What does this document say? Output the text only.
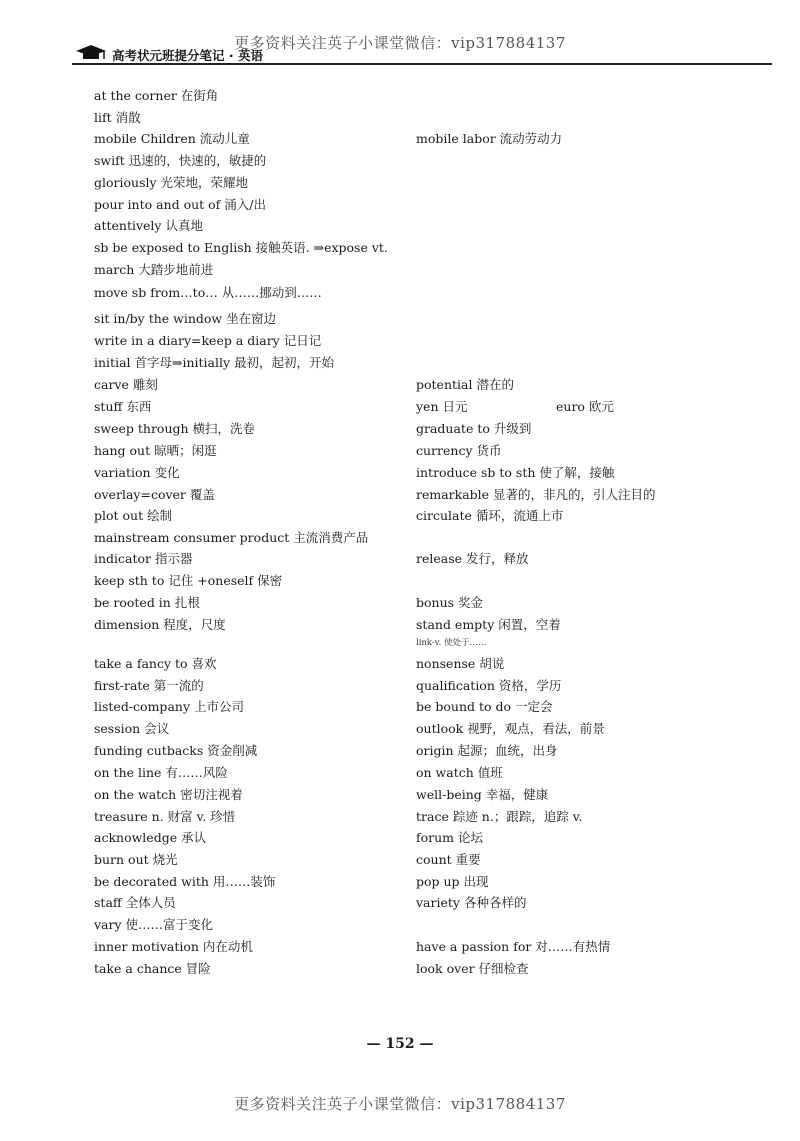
更多资料关注英子小课堂微信：vip317884137
高考状元班提分笔记 · 英语
at the corner 在街角
lift 消散
mobile Children 流动儿童
swift 迅速的，快速的，敏捷的
gloriously 光荣地，荣耀地
pour into and out of 涌入/出
attentively 认真地
sb be exposed to English 接触英语. ⇒expose vt.
march 大踏步地前进
move sb from…to… 从……挪动到……
sit in/by the window 坐在窗边
write in a diary=keep a diary 记日记
initial 首字母⇒initially 最初，起初，开始
carve 雕刻
stuff 东西
sweep through 横扫，洗卷
hang out 晾晒；闲逛
variation 变化
overlay=cover 覆盖
plot out 绘制
mainstream consumer product 主流消费产品
indicator 指示器
keep sth to 记住 +oneself 保密
be rooted in 扎根
dimension 程度，尺度
take a fancy to 喜欢
first-rate 第一流的
listed-company 上市公司
session 会议
funding cutbacks 资金削减
on the line 有……风险
on the watch 密切注视着
treasure n. 财富 v. 珍惜
acknowledge 承认
burn out 烧光
be decorated with 用……装饰
staff 全体人员
vary 使……富于变化
inner motivation 内在动机
take a chance 冒险
mobile labor 流动劳动力
potential 潜在的
yen 日元	euro 欧元
graduate to 升级到
currency 货币
introduce sb to sth 使了解，接触
remarkable 显著的，非凡的，引人注目的
circulate 循环，流通上市
release 发行，释放
bonus 奖金
stand empty 闲置，空着
link-v. 使处于……
nonsense 胡说
qualification 资格，学历
be bound to do 一定会
outlook 视野，观点，看法，前景
origin 起源；血统，出身
on watch 值班
well-being 幸福，健康
trace 踪迹 n.；跟踪，追踪 v.
forum 论坛
count 重要
pop up 出现
variety 各种各样的
have a passion for 对……有热情
look over 仔细检查
— 152 —
更多资料关注英子小课堂微信：vip317884137
